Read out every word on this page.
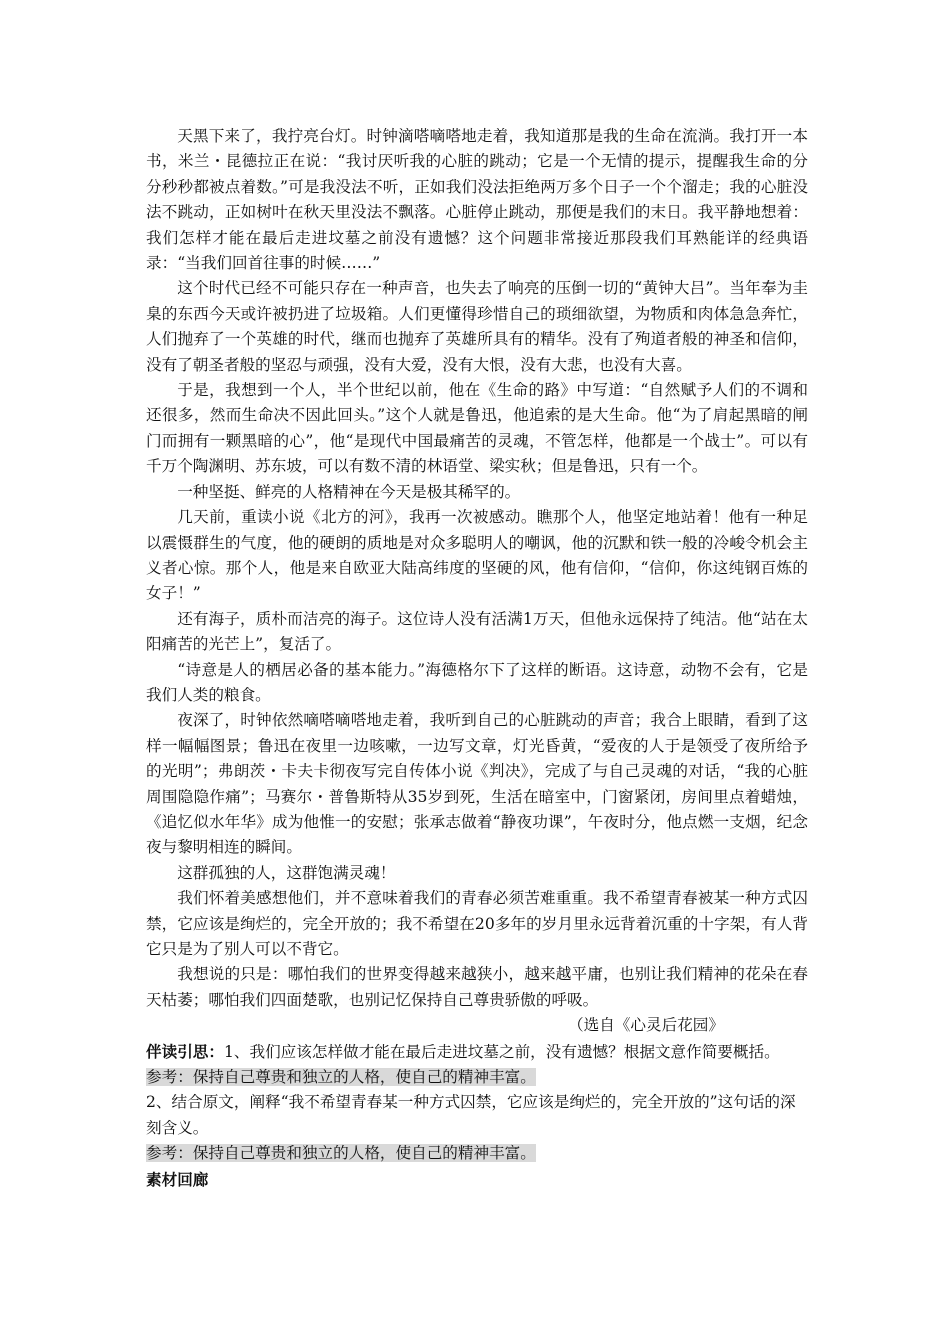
天黑下来了，我拧亮台灯。时钟滴嗒嘀嗒地走着，我知道那是我的生命在流淌。我打开一本书，米兰・昆德拉正在说：“我讨厌听我的心脏的跳动；它是一个无情的提示，提醒我生命的分分秒秒都被点着数。”可是我没法不听，正如我们没法拒绝两万多个日子一个个溜走；我的心脏没法不跳动，正如树叶在秋天里没法不飘落。心脏停止跳动，那便是我们的末日。我平静地想着：我们怎样才能在最后走进坟墓之前没有遗憾？这个问题非常接近那段我们耳熟能详的经典语录：“当我们回首往事的时候……”

这个时代已经不可能只存在一种声音，也失去了响亮的压倒一切的“黄钟大吕”。当年奉为圭臬的东西今天或许被扔进了垃圾箱。人们更懂得珍惜自己的琐细欲望，为物质和肉体急急奔忙，人们抛弃了一个英雄的时代，继而也抛弃了英雄所具有的精华。没有了殉道者般的神圣和信仰，没有了朝圣者般的坚忍与顽强，没有大爱，没有大恨，没有大悲，也没有大喜。

于是，我想到一个人，半个世纪以前，他在《生命的路》中写道：“自然赋予人们的不调和还很多，然而生命决不因此回头。”这个人就是鲁迅，他追索的是大生命。他“为了肩起黑暗的闸门而拥有一颗黑暗的心”，他“是现代中国最痛苦的灵魂，不管怎样，他都是一个战士”。可以有千万个陶渊明、苏东坡，可以有数不清的林语堂、梁实秋；但是鲁迅，只有一个。

一种坚挺、鲜亮的人格精神在今天是极其稀罕的。

几天前，重读小说《北方的河》，我再一次被感动。瞧那个人，他坚定地站着！他有一种足以震慑群生的气度，他的硬朗的质地是对众多聪明人的嘲讽，他的沉默和铁一般的冷峻令机会主义者心惊。那个人，他是来自欧亚大陆高纬度的坚硬的风，他有信仰，“信仰，你这纯钢百炼的女子！”

还有海子，质朴而洁亮的海子。这位诗人没有活满1万天，但他永远保持了纯洁。他“站在太阳痛苦的光芒上”，复活了。

“诗意是人的栖居必备的基本能力。”海德格尔下了这样的断语。这诗意，动物不会有，它是我们人类的粮食。

夜深了，时钟依然嘀嗒嘀嗒地走着，我听到自己的心脏跳动的声音；我合上眼睛，看到了这样一幅幅图景；鲁迅在夜里一边咳嗽，一边写文章，灯光昏黄，“爱夜的人于是领受了夜所给予的光明”；弗朗茨・卡夫卡彻夜写完自传体小说《判决》，完成了与自己灵魂的对话，“我的心脏周围隐隐作痛”；马赛尔・普鲁斯特从35岁到死，生活在暗室中，门窗紧闭，房间里点着蜡烛，《追忆似水年华》成为他惟一的安慰；张承志做着“静夜功课”，午夜时分，他点燃一支烟，纪念夜与黎明相连的瞬间。

这群孤独的人，这群饱满灵魂！

我们怀着美感想他们，并不意味着我们的青春必须苦难重重。我不希望青春被某一种方式囚禁，它应该是绚烂的，完全开放的；我不希望在20多年的岁月里永远背着沉重的十字架，有人背它只是为了别人可以不背它。

我想说的只是：哪怕我们的世界变得越来越狭小，越来越平庸，也别让我们精神的花朵在春天枯萎；哪怕我们四面楚歌，也别记忆保持自己尊贵骄傲的呼吸。

（选自《心灵后花园》

伴读引思：1、我们应该怎样做才能在最后走进坟墓之前，没有遗憾？根据文意作简要概括。

参考：保持自己尊贵和独立的人格，使自己的精神丰富。

2、结合原文，阐释“我不希望青春某一种方式囚禁，它应该是绚烂的，完全开放的”这句话的深刻含义。

参考：保持自己尊贵和独立的人格，使自己的精神丰富。

素材回廊
